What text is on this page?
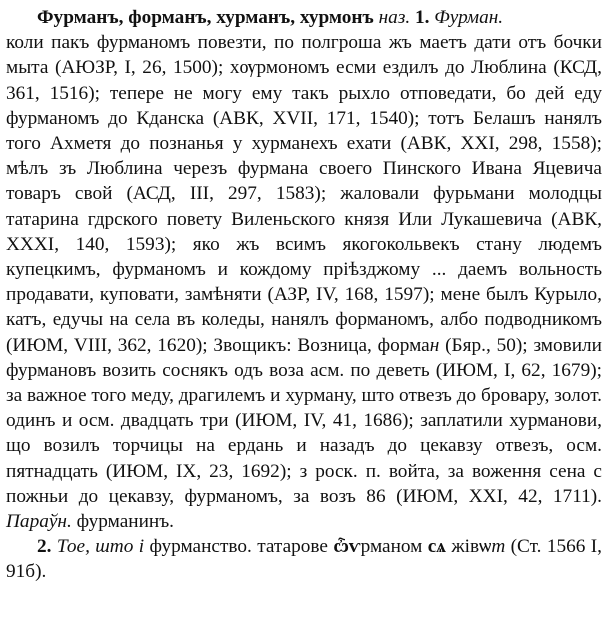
Фурманъ, форманъ, хурманъ, хурмонъ наз. 1. Фурман.
коли пакъ фурманомъ повезти, по полгроша жъ маетъ дати отъ бочки мыта (АЮЗР, I, 26, 1500); хѹрмономъ есми ездилъ до Люблина (КСД, 361, 1516); тепере не могу ему такъ рыхло отповедати, бо дей еду фурманомъ до Кданска (АВК, XVII, 171, 1540); тотъ Белашъ нанялъ того Ахметя до познанья у хурманехъ ехати (АВК, XXI, 298, 1558); мѣлъ зъ Люблина черезъ фурмана своего Пинского Ивана Яцевича товаръ свой (АСД, III, 297, 1583); жаловали фурьмани молодцы татарина гдрского повету Виленьского князя Или Лукашевича (АВК, XXXI, 140, 1593); яко жъ всимъ якогокольвекъ стану людемъ купецкимъ, фурманомъ и кождому прiѣзджому ... даемъ вольность продавати, куповати, замѣняти (АЗР, IV, 168, 1597); мене былъ Курыло, катъ, едучы на села въ коледы, нанялъ форманомъ, албо подводникомъ (ИЮМ, VIII, 362, 1620); Звощикъ: Возница, форман (Бяр., 50); змовили фурмановъ возить соснякъ одъ воза асм. по деветь (ИЮМ, I, 62, 1679); за важное того меду, драгилемъ и хурману, што отвезъ до бровару, золот. одинъ и осм. двадцать три (ИЮМ, IV, 41, 1686); заплатили хурманови, що возилъ торчицы на ердань и назадъ до цекавзу отвезъ, осм. пятнадцать (ИЮМ, IX, 23, 1692); з роск. п. войта, за воження сена с пожньи до цекавзу, фурманомъ, за возъ 86 (ИЮМ, XXI, 42, 1711). Параўн. фурманинъ.

2. Тое, што і фурманство. татарове ѽѵрманом сѧ жівѡт (Ст. 1566 I, 91б).
